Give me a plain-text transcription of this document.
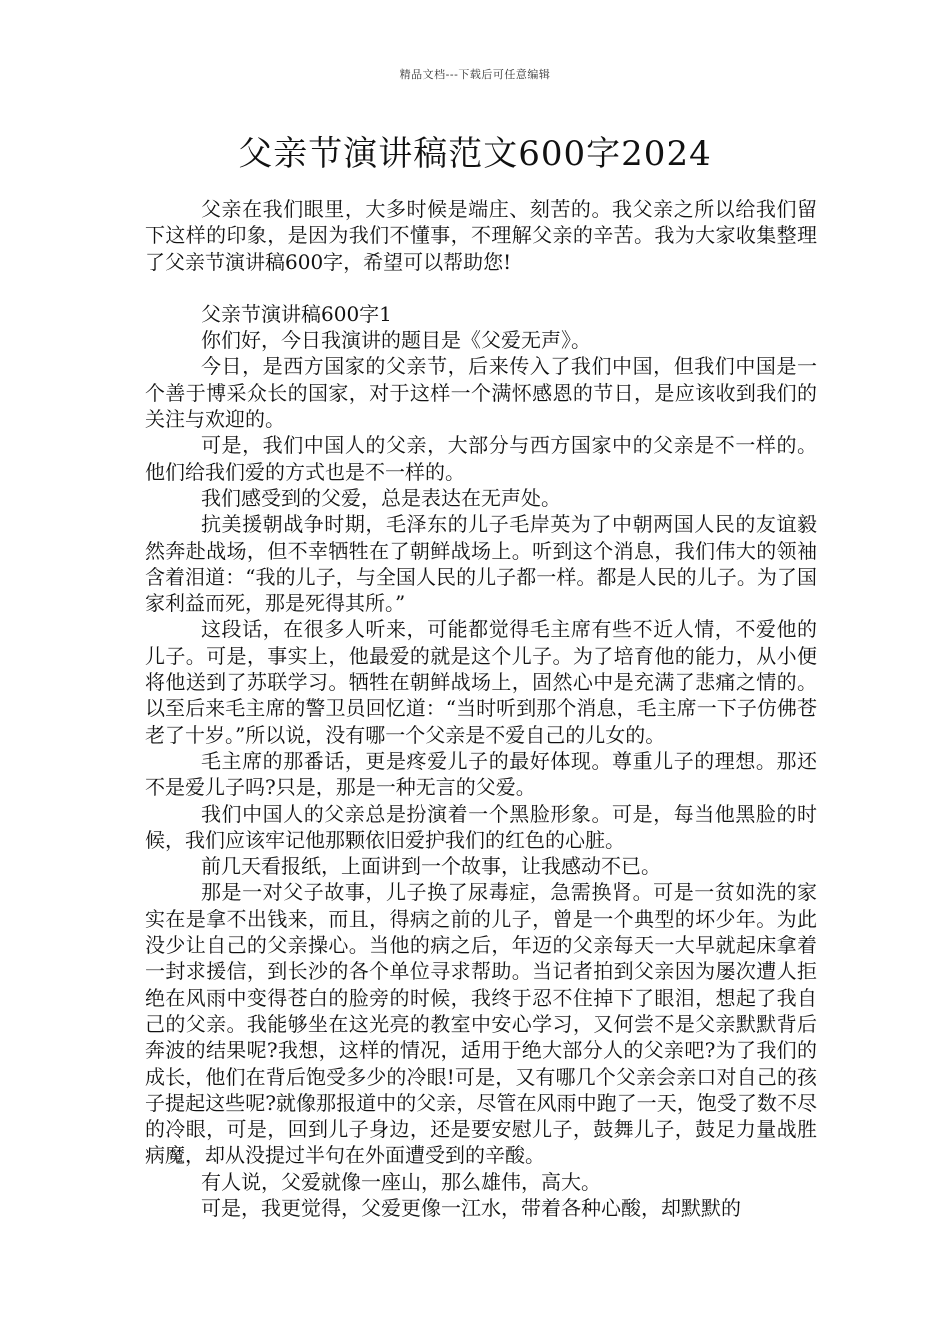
精品文档---下载后可任意编辑
父亲节演讲稿范文600字2024

父亲在我们眼里，大多时候是端庄、刻苦的。我父亲之所以给我们留下这样的印象，是因为我们不懂事，不理解父亲的辛苦。我为大家收集整理了父亲节演讲稿600字，希望可以帮助您!

父亲节演讲稿600字1

你们好，今日我演讲的题目是《父爱无声》。

今日，是西方国家的父亲节，后来传入了我们中国，但我们中国是一个善于博采众长的国家，对于这样一个满怀感恩的节日，是应该收到我们的关注与欢迎的。

可是，我们中国人的父亲，大部分与西方国家中的父亲是不一样的。他们给我们爱的方式也是不一样的。

我们感受到的父爱，总是表达在无声处。

抗美援朝战争时期，毛泽东的儿子毛岸英为了中朝两国人民的友谊毅然奔赴战场，但不幸牺牲在了朝鲜战场上。听到这个消息，我们伟大的领袖含着泪道：“我的儿子，与全国人民的儿子都一样。都是人民的儿子。为了国家利益而死，那是死得其所。”

这段话，在很多人听来，可能都觉得毛主席有些不近人情，不爱他的儿子。可是，事实上，他最爱的就是这个儿子。为了培育他的能力，从小便将他送到了苏联学习。牺牲在朝鲜战场上，固然心中是充满了悲痛之情的。以至后来毛主席的警卫员回忆道：“当时听到那个消息，毛主席一下子仿佛苍老了十岁。”所以说，没有哪一个父亲是不爱自己的儿女的。

毛主席的那番话，更是疼爱儿子的最好体现。尊重儿子的理想。那还不是爱儿子吗?只是，那是一种无言的父爱。

我们中国人的父亲总是扮演着一个黑脸形象。可是，每当他黑脸的时候，我们应该牢记他那颗依旧爱护我们的红色的心脏。

前几天看报纸，上面讲到一个故事，让我感动不已。

那是一对父子故事，儿子换了尿毒症，急需换肾。可是一贫如洗的家实在是拿不出钱来，而且，得病之前的儿子，曾是一个典型的坏少年。为此没少让自己的父亲操心。当他的病之后，年迈的父亲每天一大早就起床拿着一封求援信，到长沙的各个单位寻求帮助。当记者拍到父亲因为屡次遭人拒绝在风雨中变得苍白的脸旁的时候，我终于忍不住掉下了眼泪，想起了我自己的父亲。我能够坐在这光亮的教室中安心学习，又何尝不是父亲默默背后奔波的结果呢?我想，这样的情况，适用于绝大部分人的父亲吧?为了我们的成长，他们在背后饱受多少的冷眼!可是，又有哪几个父亲会亲口对自己的孩子提起这些呢?就像那报道中的父亲，尽管在风雨中跑了一天，饱受了数不尽的冷眼，可是，回到儿子身边，还是要安慰儿子，鼓舞儿子，鼓足力量战胜病魔，却从没提过半句在外面遭受到的辛酸。

有人说，父爱就像一座山，那么雄伟，高大。

可是，我更觉得，父爱更像一江水，带着各种心酸，却默默的
